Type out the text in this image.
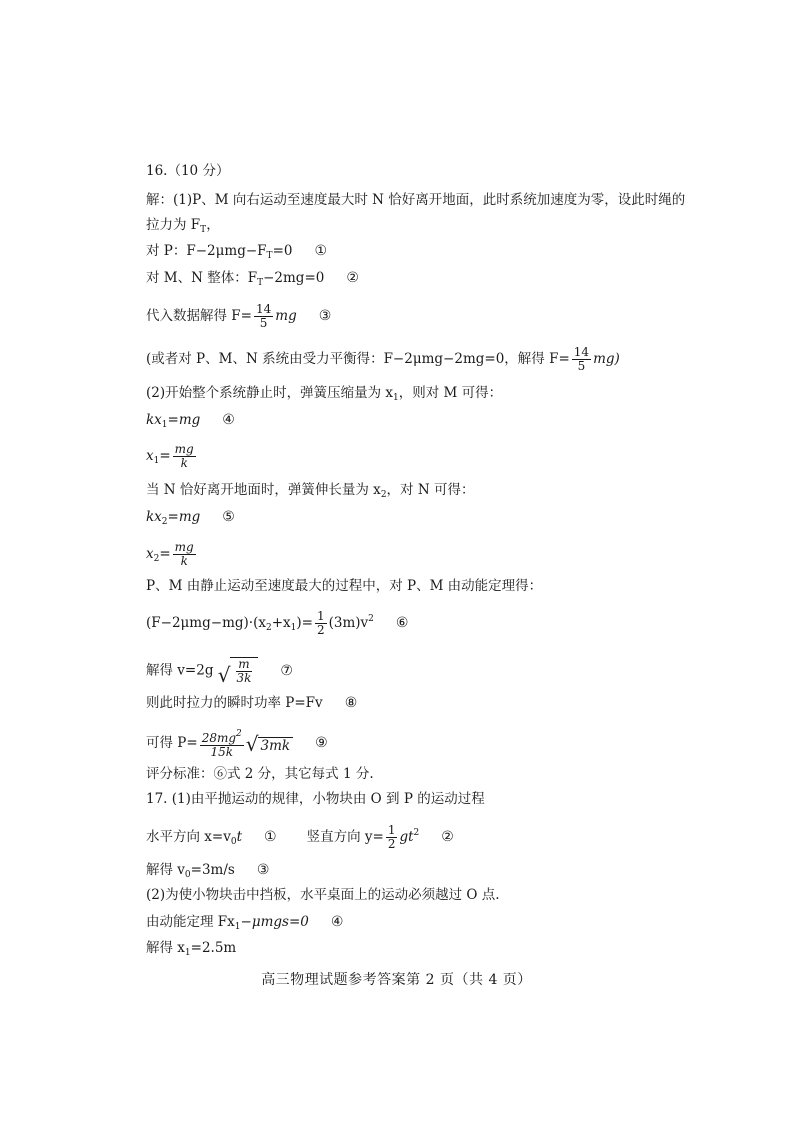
16.（10 分）
解：(1)P、M 向右运动至速度最大时 N 恰好离开地面，此时系统加速度为零，设此时绳的
拉力为 $F_T$，
对 P：$F-2\mu mg-F_T=0$ ①
对 M、N 整体：$F_T-2mg=0$ ②
代入数据解得 $F= \frac{14}{5}$ mg ③
(或者对 P、M、N 系统由受力平衡得：F−2μmg−2mg=0，解得 $F= \frac{14}{5} mg$)
(2)开始整个系统静止时，弹簧压缩量为 $x_1$，则对 M 可得：
$kx_1=mg$ ④
$x_1= \frac{mg}{k}$
当 N 恰好离开地面时，弹簧伸长量为 $x_2$，对 N 可得：
$kx_2=mg$ ⑤
$x_2= \frac{mg}{k}$
P、M 由静止运动至速度最大的过程中，对 P、M 由动能定理得：
$(F-2\mu mg-mg)\cdot(x_2+x_1)= \frac{1}{2} (3m)v^2$ ⑥
解得 v=2g √ $\frac{m}{3k}$ ⑦
则此时拉力的瞬时功率 P=Fv ⑧
可得 $P= \frac{28mg^2}{15k}$ √ 3mk ⑨
评分标准：⑥式 2 分，其它每式 1 分.
17. (1)由平抛运动的规律，小物块由 O 到 P 的运动过程
水平方向 $x=v_0t$ ① 竖直方向 $y= \frac{1}{2} gt^2$ ②
解得 $v_0=3m/s$ ③
(2)为使小物块击中挡板，水平桌面上的运动必须越过 O 点.
由动能定理 $Fx_1-\mu mgs=0$ ④
解得 $x_1=2.5m$
高三物理试题参考答案第 2 页（共 4 页）
